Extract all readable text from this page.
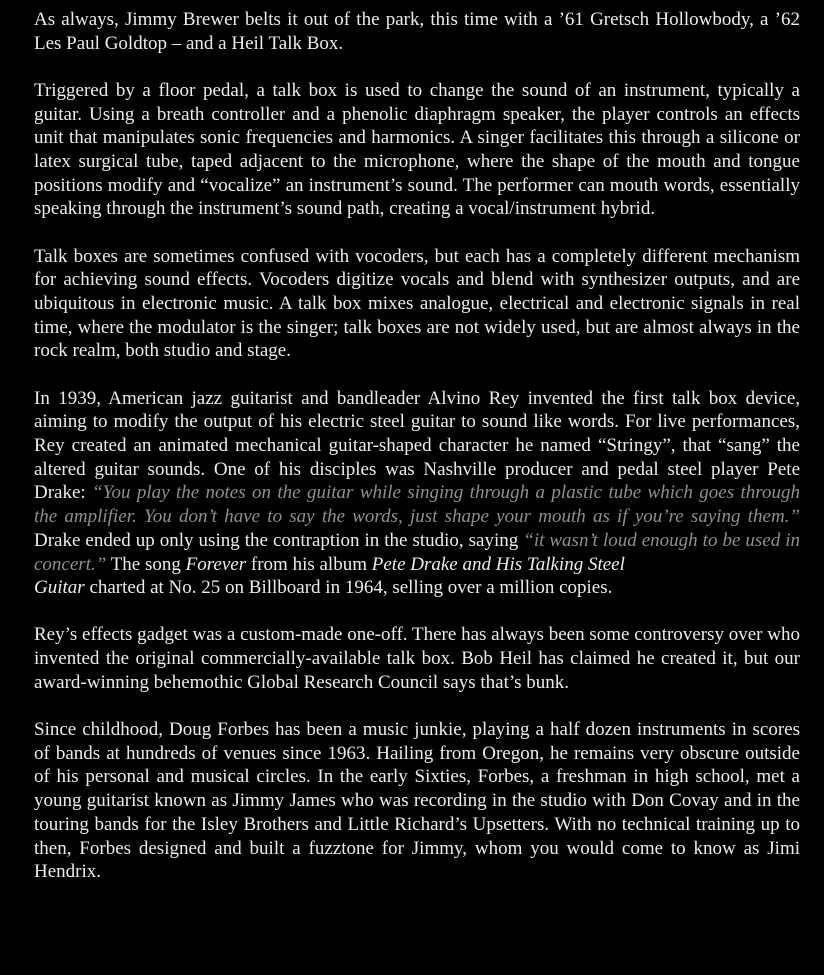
As always, Jimmy Brewer belts it out of the park, this time with a ’61 Gretsch Hollowbody, a ’62 Les Paul Goldtop – and a Heil Talk Box.

Triggered by a floor pedal, a talk box is used to change the sound of an instrument, typically a guitar. Using a breath controller and a phenolic diaphragm speaker, the player controls an effects unit that manipulates sonic frequencies and harmonics. A singer facilitates this through a silicone or latex surgical tube, taped adjacent to the microphone, where the shape of the mouth and tongue positions modify and “vocalize” an instrument’s sound. The performer can mouth words, essentially speaking through the instrument’s sound path, creating a vocal/instrument hybrid.

Talk boxes are sometimes confused with vocoders, but each has a completely different mechanism for achieving sound effects. Vocoders digitize vocals and blend with synthesizer outputs, and are ubiquitous in electronic music. A talk box mixes analogue, electrical and electronic signals in real time, where the modulator is the singer; talk boxes are not widely used, but are almost always in the rock realm, both studio and stage.

In 1939, American jazz guitarist and bandleader Alvino Rey invented the first talk box device, aiming to modify the output of his electric steel guitar to sound like words. For live performances, Rey created an animated mechanical guitar-shaped character he named “Stringy”, that “sang” the altered guitar sounds. One of his disciples was Nashville producer and pedal steel player Pete Drake: “You play the notes on the guitar while singing through a plastic tube which goes through the amplifier. You don’t have to say the words, just shape your mouth as if you’re saying them.” Drake ended up only using the contraption in the studio, saying “it wasn’t loud enough to be used in concert.” The song Forever from his album Pete Drake and His Talking Steel
Guitar charted at No. 25 on Billboard in 1964, selling over a million copies.

Rey’s effects gadget was a custom-made one-off. There has always been some controversy over who invented the original commercially-available talk box. Bob Heil has claimed he created it, but our award-winning behemothic Global Research Council says that’s bunk.

Since childhood, Doug Forbes has been a music junkie, playing a half dozen instruments in scores of bands at hundreds of venues since 1963. Hailing from Oregon, he remains very obscure outside of his personal and musical circles. In the early Sixties, Forbes, a freshman in high school, met a young guitarist known as Jimmy James who was recording in the studio with Don Covay and in the touring bands for the Isley Brothers and Little Richard’s Upsetters. With no technical training up to then, Forbes designed and built a fuzztone for Jimmy, whom you would come to know as Jimi Hendrix.
